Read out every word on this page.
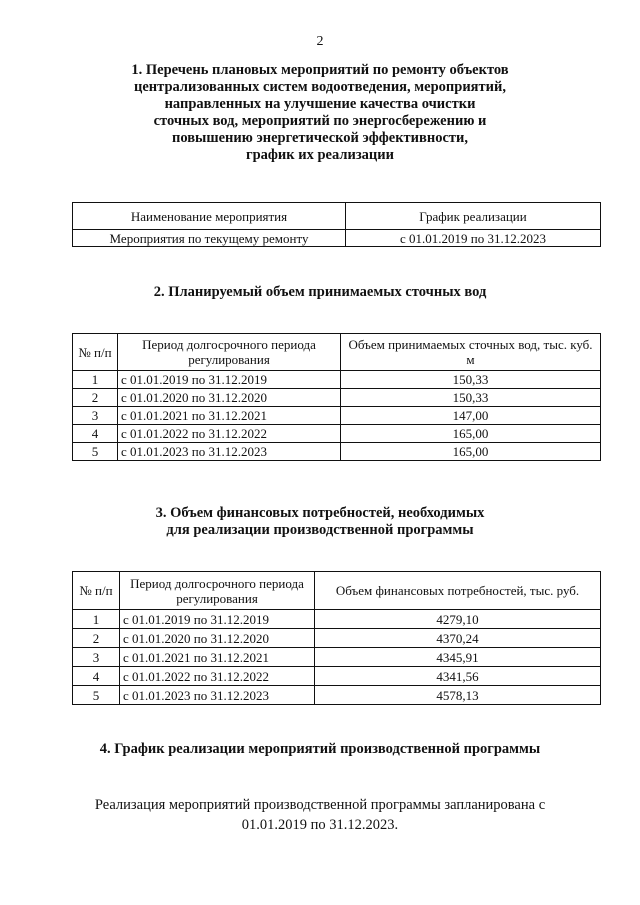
2
1. Перечень плановых мероприятий по ремонту объектов
централизованных систем водоотведения, мероприятий,
направленных на улучшение качества очистки
сточных вод, мероприятий по энергосбережению и
повышению энергетической эффективности,
график их реализации
Наименование мероприятия	График реализации
Мероприятия по текущему ремонту	с 01.01.2019 по 31.12.2023
2. Планируемый объем принимаемых сточных вод
№ п/п	Период долгосрочного периода регулирования	Объем принимаемых сточных вод, тыс. куб. м
1	с 01.01.2019 по 31.12.2019	150,33
2	с 01.01.2020 по 31.12.2020	150,33
3	с 01.01.2021 по 31.12.2021	147,00
4	с 01.01.2022 по 31.12.2022	165,00
5	с 01.01.2023 по 31.12.2023	165,00
3. Объем финансовых потребностей, необходимых
для реализации производственной программы
№ п/п	Период долгосрочного периода регулирования	Объем финансовых потребностей, тыс. руб.
1	с 01.01.2019 по 31.12.2019	4279,10
2	с 01.01.2020 по 31.12.2020	4370,24
3	с 01.01.2021 по 31.12.2021	4345,91
4	с 01.01.2022 по 31.12.2022	4341,56
5	с 01.01.2023 по 31.12.2023	4578,13
4. График реализации мероприятий производственной программы
Реализация мероприятий производственной программы запланирована с
01.01.2019 по 31.12.2023.
